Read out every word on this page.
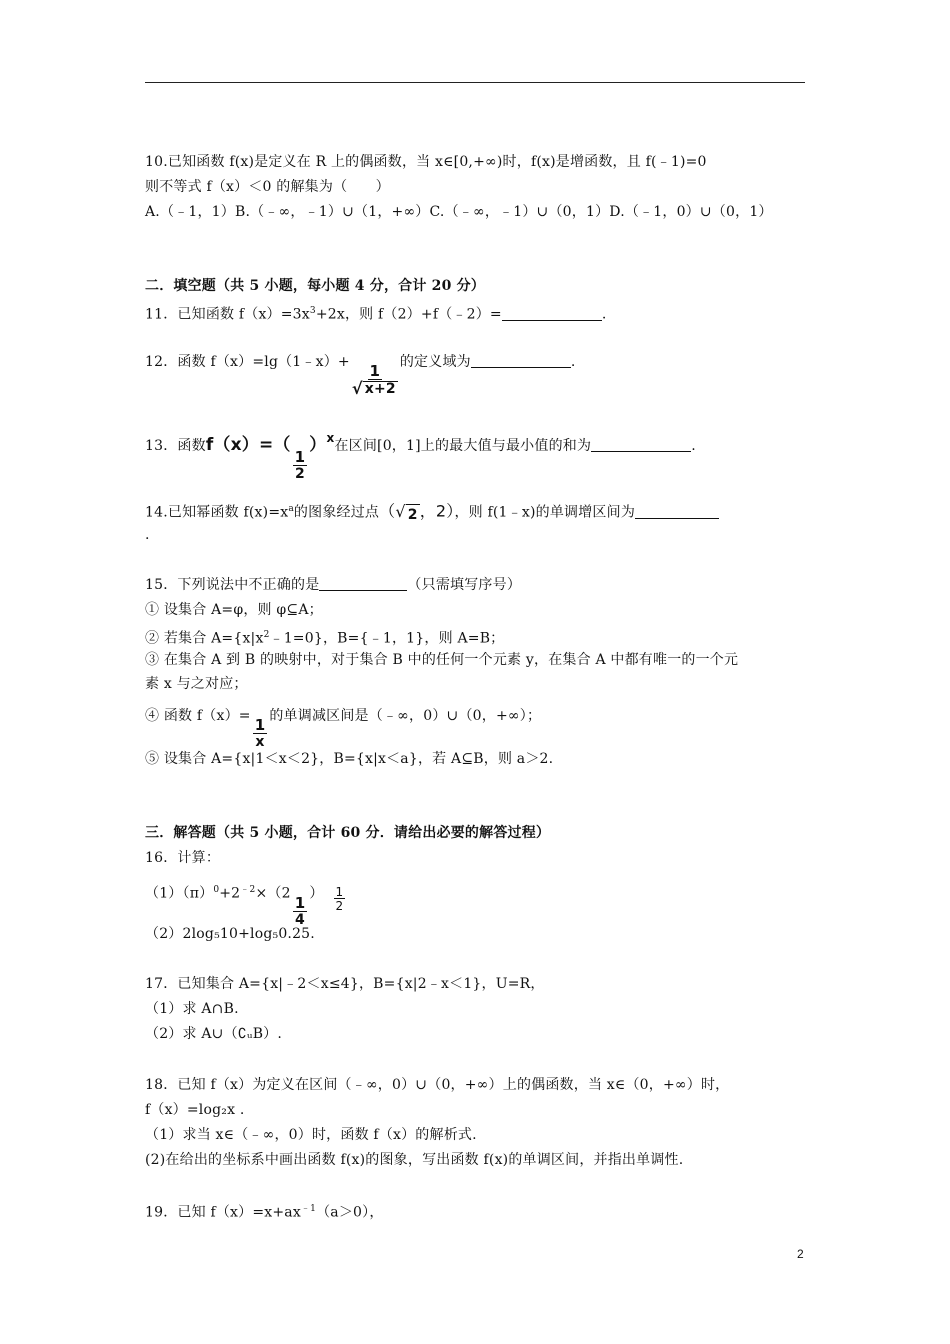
10.已知函数 f(x)是定义在 R 上的偶函数，当 x∈[0,+∞)时，f(x)是增函数，且 f(﹣1)=0
则不等式 f（x）＜0 的解集为（　　）
A.（﹣1，1）B.（﹣∞，﹣1）∪（1，+∞）C.（﹣∞，﹣1）∪（0，1）D.（﹣1，0）∪（0，1）
二．填空题（共 5 小题，每小题 4 分，合计 20 分）
11．已知函数 $f(x)=3x^3+2x$，则 f（2）+f（﹣2）=	.
12．函数 f（x）=lg（1﹣x）+
$\frac{1}{√ x+2}$
的定义域为	.
13．函数f（x）=（
$\frac{1}{2}$
）$^x$在区间[0，1]上的最大值与最小值的和为	.
14.已知幂函数 $f(x)=x^a$的图象经过点（ √ 2 ，2），则 f(1﹣x)的单调增区间为
.
15．下列说法中不正确的是	（只需填写序号）
① 设集合 A=φ，则 φ⊆A；
② 若集合 $A=\{x|x^2﹣1=0\}$，B={﹣1，1}，则 A=B；
③ 在集合 A 到 B 的映射中，对于集合 B 中的任何一个元素 y，在集合 A 中都有唯一的一个元
素 x 与之对应；
④ 函数 f（x）=
$\frac{1}{x}$
的单调减区间是（﹣∞，0）∪（0，+∞）；
⑤ 设集合 A={x|1＜x＜2}，B={x|x＜a}，若 A⊆B，则 a＞2.
三．解答题（共 5 小题，合计 60 分．请给出必要的解答过程）
16．计算：
$(1)(\pi)^0+2^{﹣2}\times(2$
$\frac{1}{4}$
） $\frac{1}{2}$
（2）2log₅10+log₅0.25.
17．已知集合 A={x|﹣2＜x≤4}，B={x|2﹣x＜1}，U=R，
（1）求 A∩B.
（2）求 A∪（∁ᵤB）.
18．已知 f（x）为定义在区间（﹣∞，0）∪（0，+∞）上的偶函数，当 x∈（0，+∞）时，
f（x）=log₂x .
（1）求当 x∈（﹣∞，0）时，函数 f（x）的解析式.
(2)在给出的坐标系中画出函数 f(x)的图象，写出函数 f(x)的单调区间，并指出单调性.
19．已知 $f(x)=x+ax^{﹣1}(a>0)$，
2
